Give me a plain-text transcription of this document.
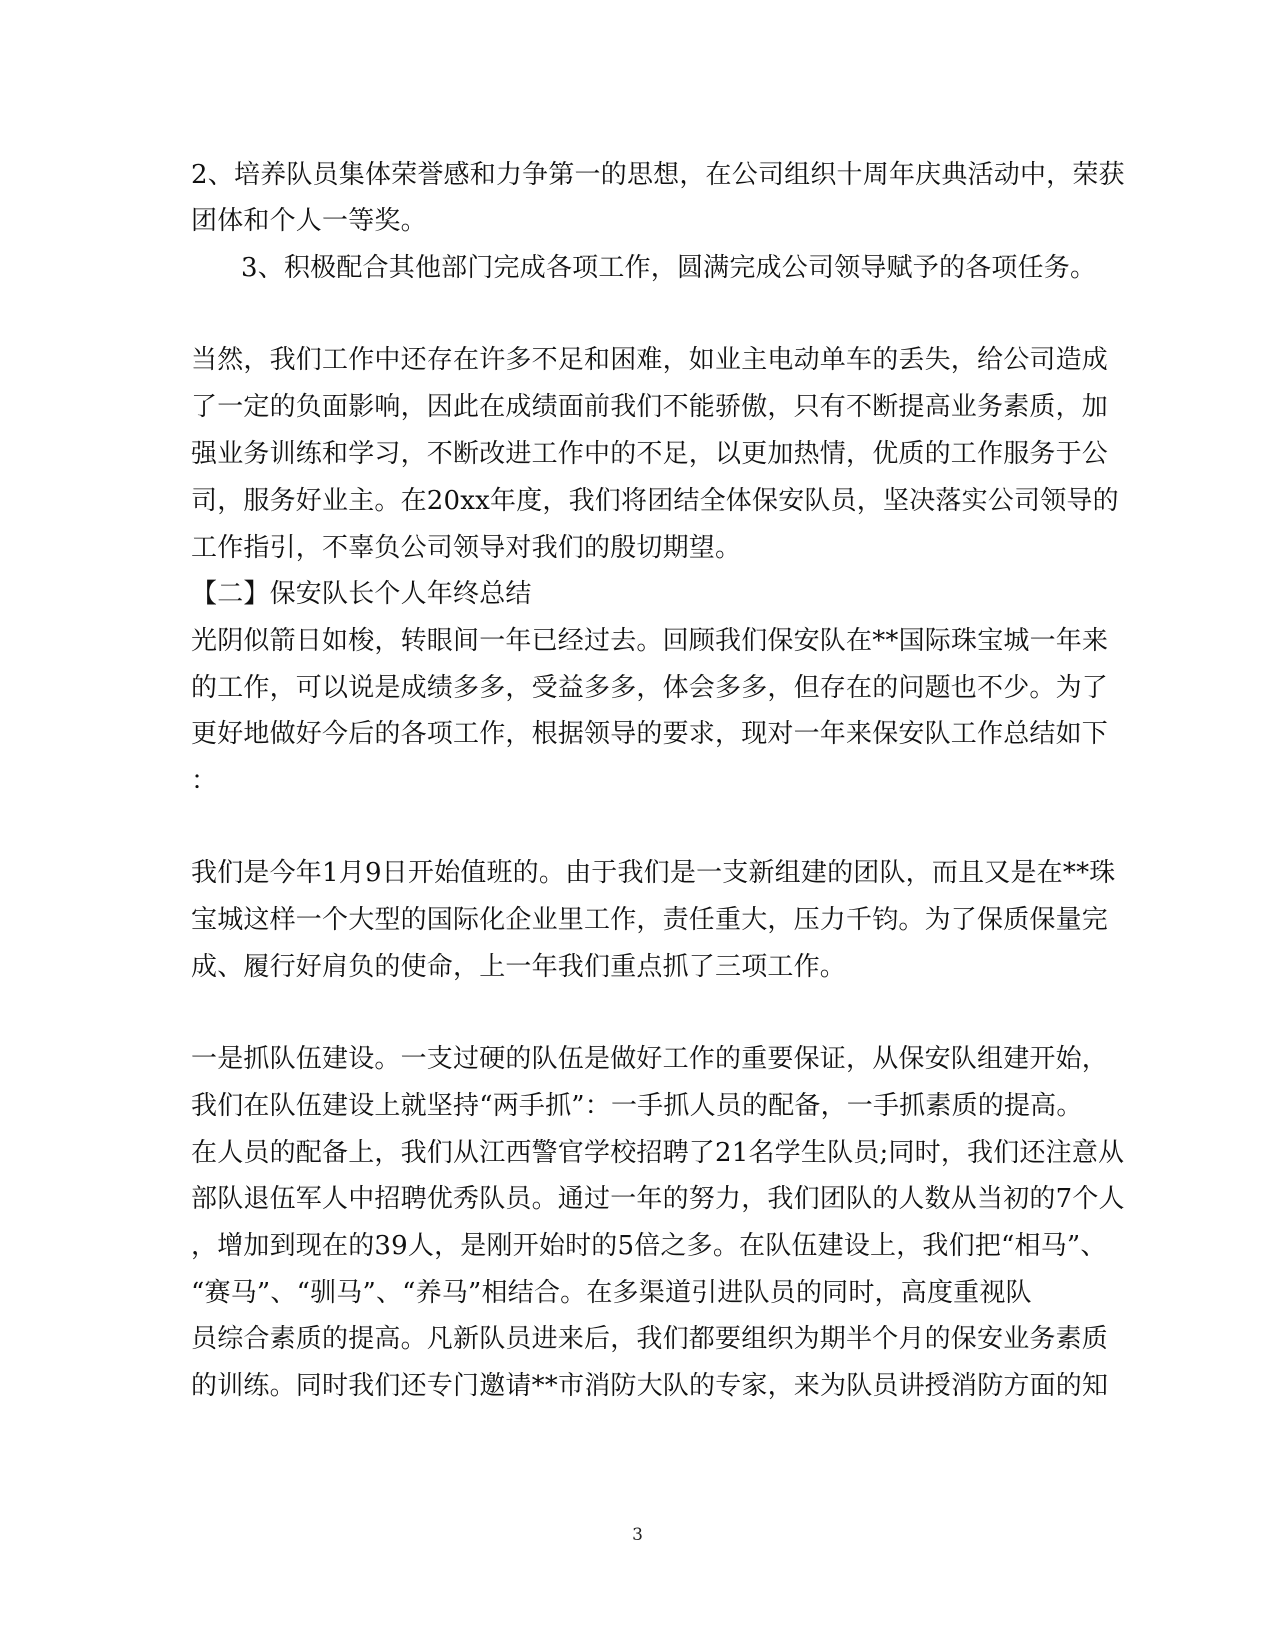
2、培养队员集体荣誉感和力争第一的思想，在公司组织十周年庆典活动中，荣获
团体和个人一等奖。
3、积极配合其他部门完成各项工作，圆满完成公司领导赋予的各项任务。
当然，我们工作中还存在许多不足和困难，如业主电动单车的丢失，给公司造成
了一定的负面影响，因此在成绩面前我们不能骄傲，只有不断提高业务素质，加
强业务训练和学习，不断改进工作中的不足，以更加热情，优质的工作服务于公
司，服务好业主。在20xx年度，我们将团结全体保安队员，坚决落实公司领导的
工作指引，不辜负公司领导对我们的殷切期望。
【二】保安队长个人年终总结
光阴似箭日如梭，转眼间一年已经过去。回顾我们保安队在**国际珠宝城一年来
的工作，可以说是成绩多多，受益多多，体会多多，但存在的问题也不少。为了
更好地做好今后的各项工作，根据领导的要求，现对一年来保安队工作总结如下
：
我们是今年1月9日开始值班的。由于我们是一支新组建的团队，而且又是在**珠
宝城这样一个大型的国际化企业里工作，责任重大，压力千钧。为了保质保量完
成、履行好肩负的使命，上一年我们重点抓了三项工作。
一是抓队伍建设。一支过硬的队伍是做好工作的重要保证，从保安队组建开始，
我们在队伍建设上就坚持“两手抓”：一手抓人员的配备，一手抓素质的提高。
在人员的配备上，我们从江西警官学校招聘了21名学生队员;同时，我们还注意从
部队退伍军人中招聘优秀队员。通过一年的努力，我们团队的人数从当初的7个人
，增加到现在的39人，是刚开始时的5倍之多。在队伍建设上，我们把“相马”、
“赛马”、“驯马”、“养马”相结合。在多渠道引进队员的同时，高度重视队
员综合素质的提高。凡新队员进来后，我们都要组织为期半个月的保安业务素质
的训练。同时我们还专门邀请**市消防大队的专家，来为队员讲授消防方面的知
3
